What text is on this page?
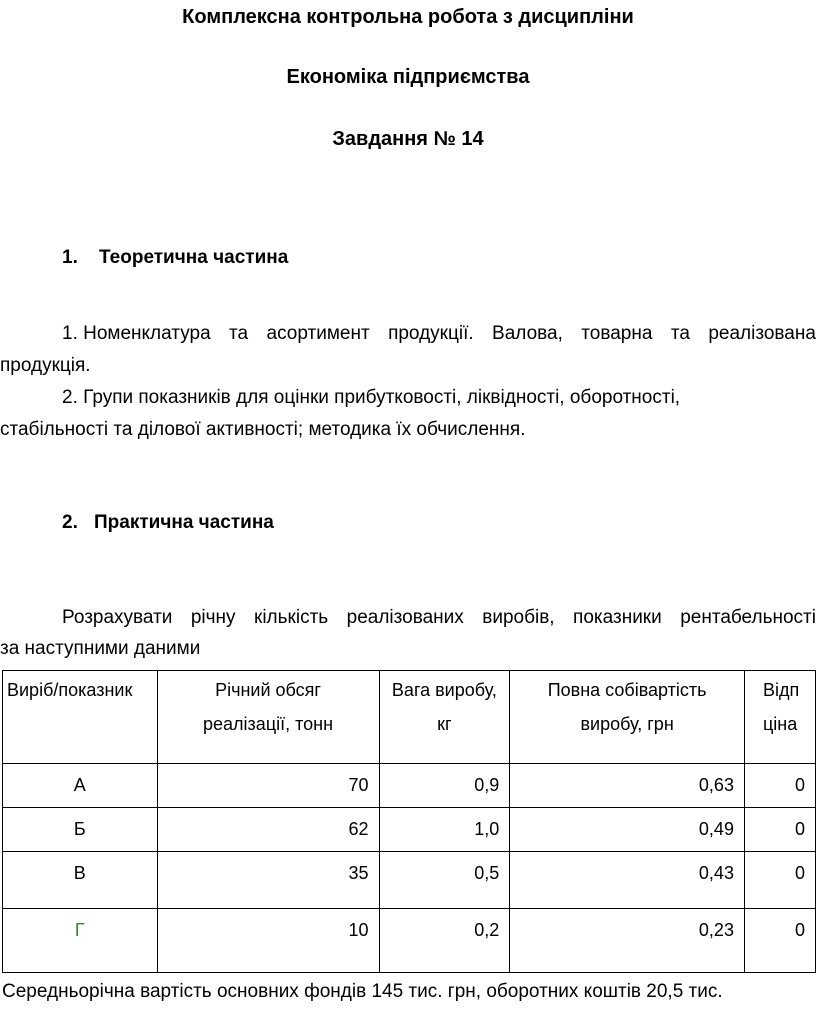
Комплексна контрольна робота з дисципліни
Економіка підприємства
Завдання № 14
1. Теоретична частина
1. Номенклатура та асортимент продукції. Валова, товарна та реалізована
продукція.
2. Групи показників для оцінки прибутковості, ліквідності, оборотності,
стабільності та ділової активності; методика їх обчислення.
2. Практична частина
Розрахувати річну кількість реалізованих виробів, показники рентабельності
за наступними даними
Виріб/показник	Річний обсяг реалізації, тонн	Вага виробу, кг	Повна собівартість виробу, грн	Відп ціна
А	70	0,9	0,63	0
Б	62	1,0	0,49	0
В	35	0,5	0,43	0
Г	10	0,2	0,23	0
Середньорічна вартість основних фондів 145 тис. грн, оборотних коштів 20,5 тис.
